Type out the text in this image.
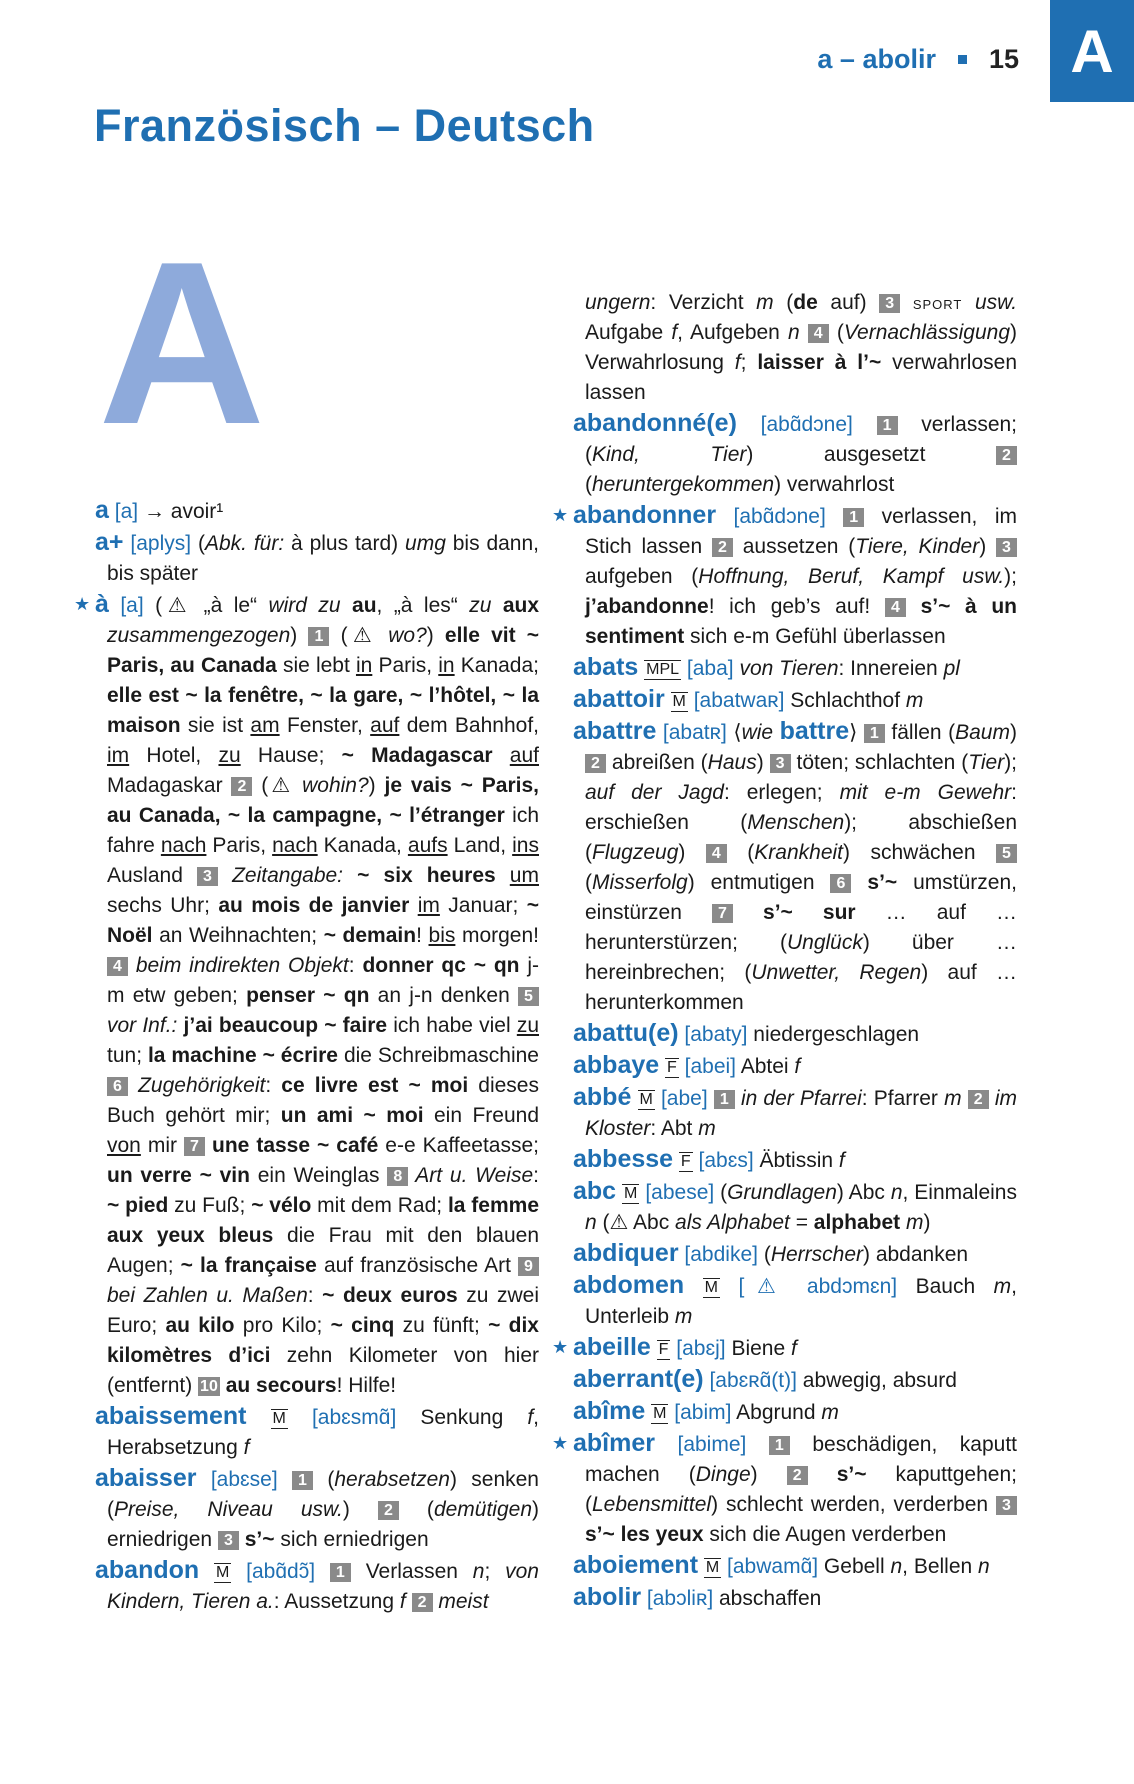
A
a – abolir 15
Französisch – Deutsch
A
a [a] → avoir¹
a+ [aplys] (Abk. für: à plus tard) umg bis dann, bis später
★ à [a] (⚠ „à le“ wird zu au, „à les“ zu aux zusammengezogen) 1 (⚠ wo?) elle vit ~ Paris, au Canada sie lebt in Paris, in Kanada; elle est ~ la fenêtre, ~ la gare, ~ l’hôtel, ~ la maison sie ist am Fenster, auf dem Bahnhof, im Hotel, zu Hause; ~ Madagascar auf Madagaskar 2 (⚠ wohin?) je vais ~ Paris, au Canada, ~ la campagne, ~ l’étranger ich fahre nach Paris, nach Kanada, aufs Land, ins Ausland 3 Zeitangabe: ~ six heures um sechs Uhr; au mois de janvier im Januar; ~ Noël an Weihnachten; ~ demain! bis morgen! 4 beim indirekten Objekt: donner qc ~ qn j-m etw geben; penser ~ qn an j-n denken 5 vor Inf.: j’ai beaucoup ~ faire ich habe viel zu tun; la machine ~ écrire die Schreibmaschine 6 Zugehörigkeit: ce livre est ~ moi dieses Buch gehört mir; un ami ~ moi ein Freund von mir 7 une tasse ~ café e-e Kaffeetasse; un verre ~ vin ein Weinglas 8 Art u. Weise: ~ pied zu Fuß; ~ vélo mit dem Rad; la femme aux yeux bleus die Frau mit den blauen Augen; ~ la française auf französische Art 9 bei Zahlen u. Maßen: ~ deux euros zu zwei Euro; au kilo pro Kilo; ~ cinq zu fünft; ~ dix kilomètres d’ici zehn Kilometer von hier (entfernt) 10 au secours! Hilfe!
abaissement M [abɛsmɑ̃] Senkung f, Herabsetzung f
abaisser [abɛse] 1 (herabsetzen) senken (Preise, Niveau usw.) 2 (demütigen) erniedrigen 3 s’~ sich erniedrigen
abandon M [abɑ̃dɔ̃] 1 Verlassen n; von Kindern, Tieren a.: Aussetzung f 2 meist
ungern: Verzicht m (de auf) 3 sport usw. Aufgabe f, Aufgeben n 4 (Vernachlässigung) Verwahrlosung f; laisser à l’~ verwahrlosen lassen
abandonné(e) [abɑ̃dɔne] 1 verlassen; (Kind, Tier) ausgesetzt 2 (heruntergekommen) verwahrlost
★ abandonner [abɑ̃dɔne] 1 verlassen, im Stich lassen 2 aussetzen (Tiere, Kinder) 3 aufgeben (Hoffnung, Beruf, Kampf usw.); j’abandonne! ich geb’s auf! 4 s’~ à un sentiment sich e-m Gefühl überlassen
abats MPL [aba] von Tieren: Innereien pl
abattoir M [abatwaʀ] Schlachthof m
abattre [abatʀ] ⟨wie battre⟩ 1 fällen (Baum) 2 abreißen (Haus) 3 töten; schlachten (Tier); auf der Jagd: erlegen; mit e-m Gewehr: erschießen (Menschen); abschießen (Flugzeug) 4 (Krankheit) schwächen 5 (Misserfolg) entmutigen 6 s’~ umstürzen, einstürzen 7 s’~ sur … auf … herunterstürzen; (Unglück) über … hereinbrechen; (Unwetter, Regen) auf … herunterkommen
abattu(e) [abaty] niedergeschlagen
abbaye F [abei] Abtei f
abbé M [abe] 1 in der Pfarrei: Pfarrer m 2 im Kloster: Abt m
abbesse F [abɛs] Äbtissin f
abc M [abese] (Grundlagen) Abc n, Einmaleins n (⚠ Abc als Alphabet = alphabet m)
abdiquer [abdike] (Herrscher) abdanken
abdomen M [⚠ abdɔmɛn] Bauch m, Unterleib m
★ abeille F [abɛj] Biene f
aberrant(e) [abɛʀɑ̃(t)] abwegig, absurd
abîme M [abim] Abgrund m
★ abîmer [abime] 1 beschädigen, kaputt machen (Dinge) 2 s’~ kaputtgehen; (Lebensmittel) schlecht werden, verderben 3 s’~ les yeux sich die Augen verderben
aboiement M [abwamɑ̃] Gebell n, Bellen n
abolir [abɔliʀ] abschaffen
